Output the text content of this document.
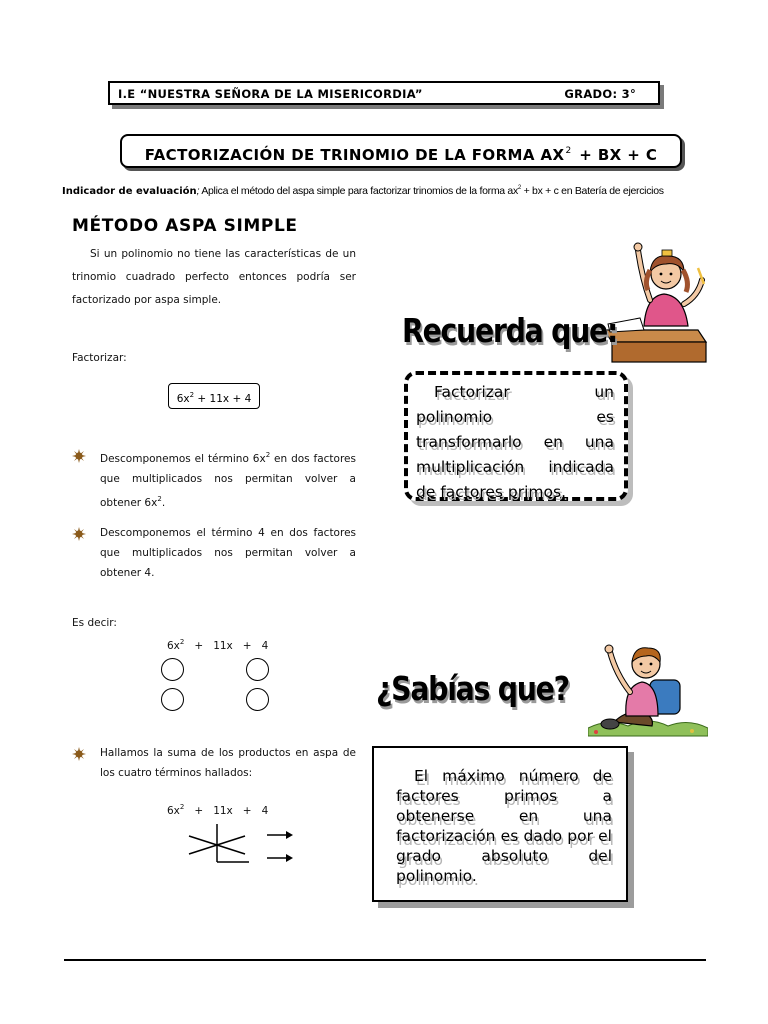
I.E “NUESTRA SEÑORA DE LA MISERICORDIA”	GRADO: 3°
FACTORIZACIÓN DE TRINOMIO DE LA FORMA $AX^2$ + BX + C
Indicador de evaluación; Aplica el método del aspa simple para factorizar trinomios de la forma $ax^2$ + bx + c en Batería de ejercicios
MÉTODO ASPA SIMPLE
Si un polinomio no tiene las características de un trinomio cuadrado perfecto entonces podría ser factorizado por aspa simple.
Factorizar:
$6x^2 + 11x + 4$
Descomponemos el término $6x^2$ en dos factores que multiplicados nos permitan volver a obtener $6x^2$.
Descomponemos el término 4 en dos factores que multiplicados nos permitan volver a obtener 4.
Es decir:
$6x^2 + 11x + 4$
Hallamos la suma de los productos en aspa de los cuatro términos hallados:
$6x^2 + 11x + 4$
Recuerda que:
Factorizar un polinomio es transformarlo en una multiplicación indicada de factores primos.
¿Sabías que?
El máximo número de factores primos a obtenerse en una factorización es dado por el grado absoluto del polinomio.
